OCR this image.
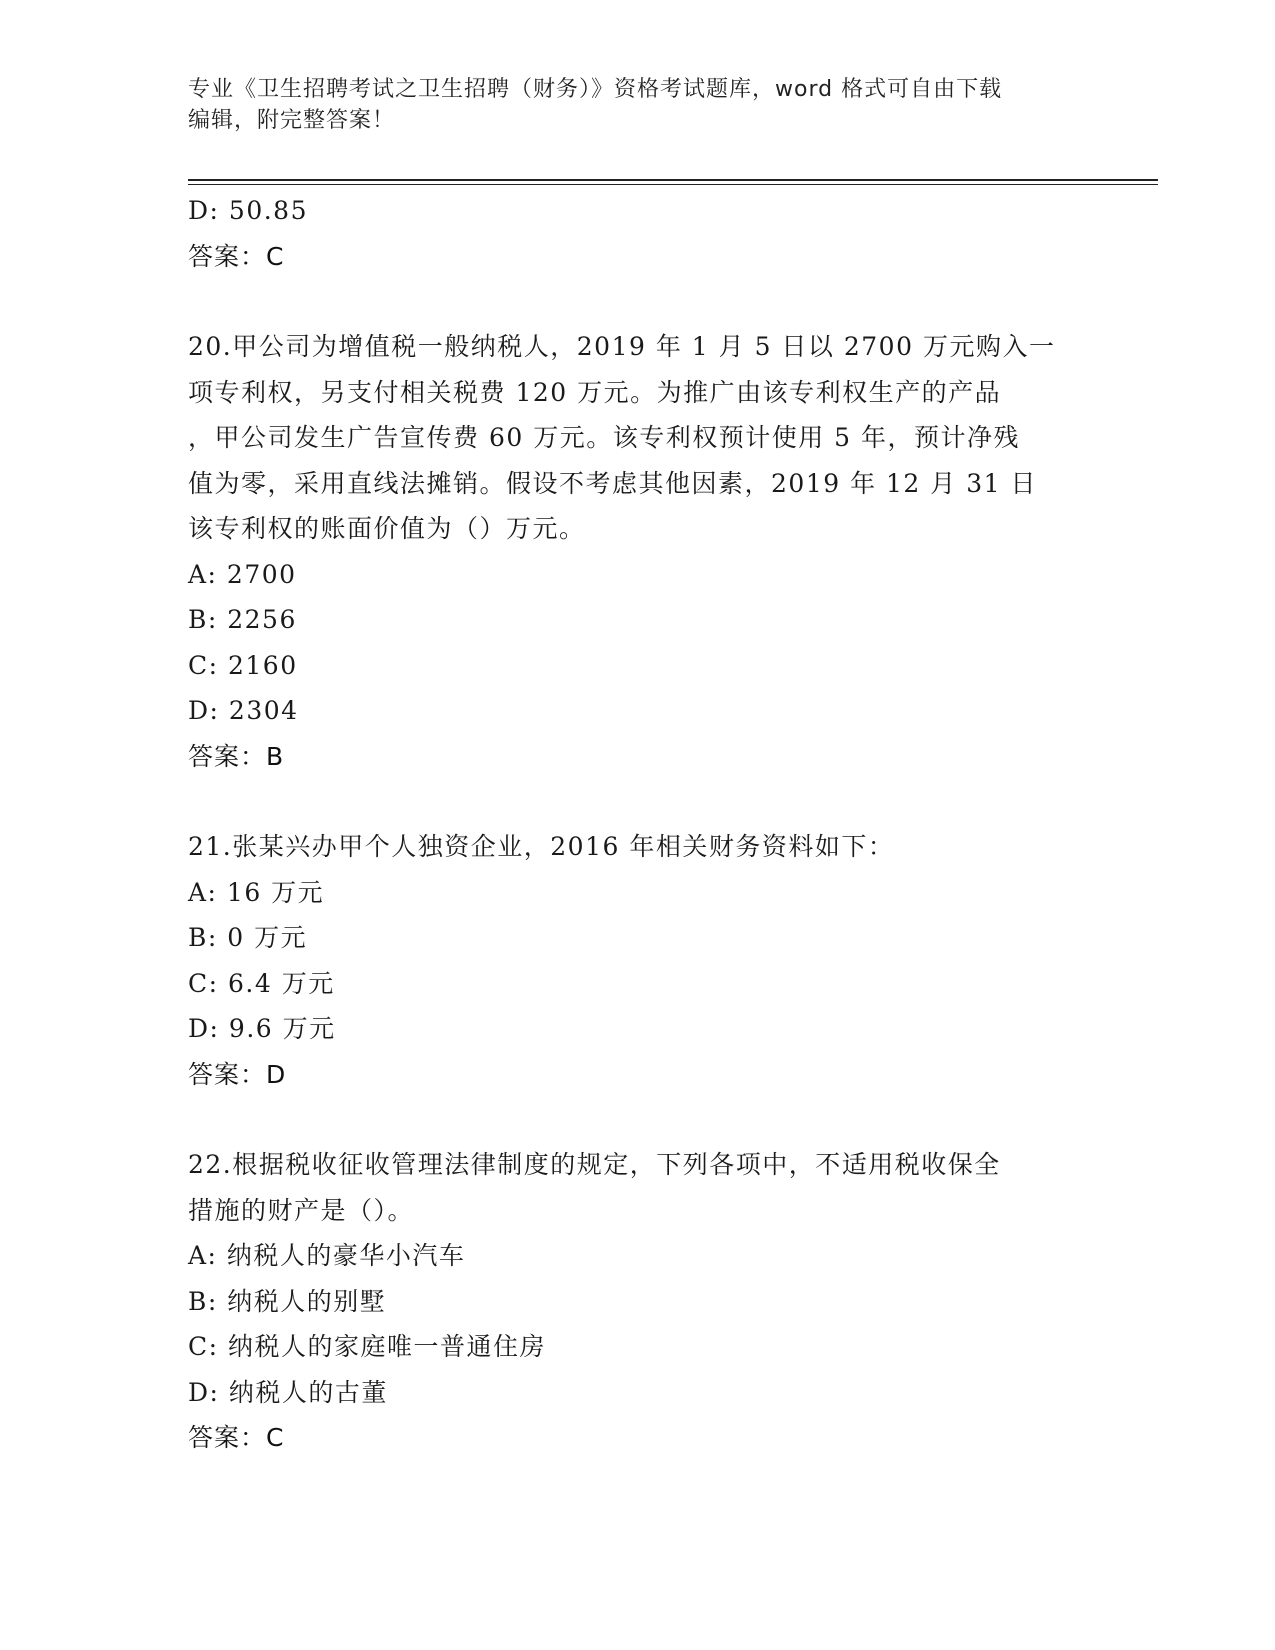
专业《卫生招聘考试之卫生招聘（财务）》资格考试题库，word 格式可自由下载
编辑，附完整答案！
D: 50.85
答案：C
20.甲公司为增值税一般纳税人，2019 年 1 月 5 日以 2700 万元购入一
项专利权，另支付相关税费 120 万元。为推广由该专利权生产的产品
，甲公司发生广告宣传费 60 万元。该专利权预计使用 5 年，预计净残
值为零，采用直线法摊销。假设不考虑其他因素，2019 年 12 月 31 日
该专利权的账面价值为（）万元。
A: 2700
B: 2256
C: 2160
D: 2304
答案：B
21.张某兴办甲个人独资企业，2016 年相关财务资料如下：
A: 16 万元
B: 0 万元
C: 6.4 万元
D: 9.6 万元
答案：D
22.根据税收征收管理法律制度的规定，下列各项中，不适用税收保全
措施的财产是（）。
A: 纳税人的豪华小汽车
B: 纳税人的别墅
C: 纳税人的家庭唯一普通住房
D: 纳税人的古董
答案：C
